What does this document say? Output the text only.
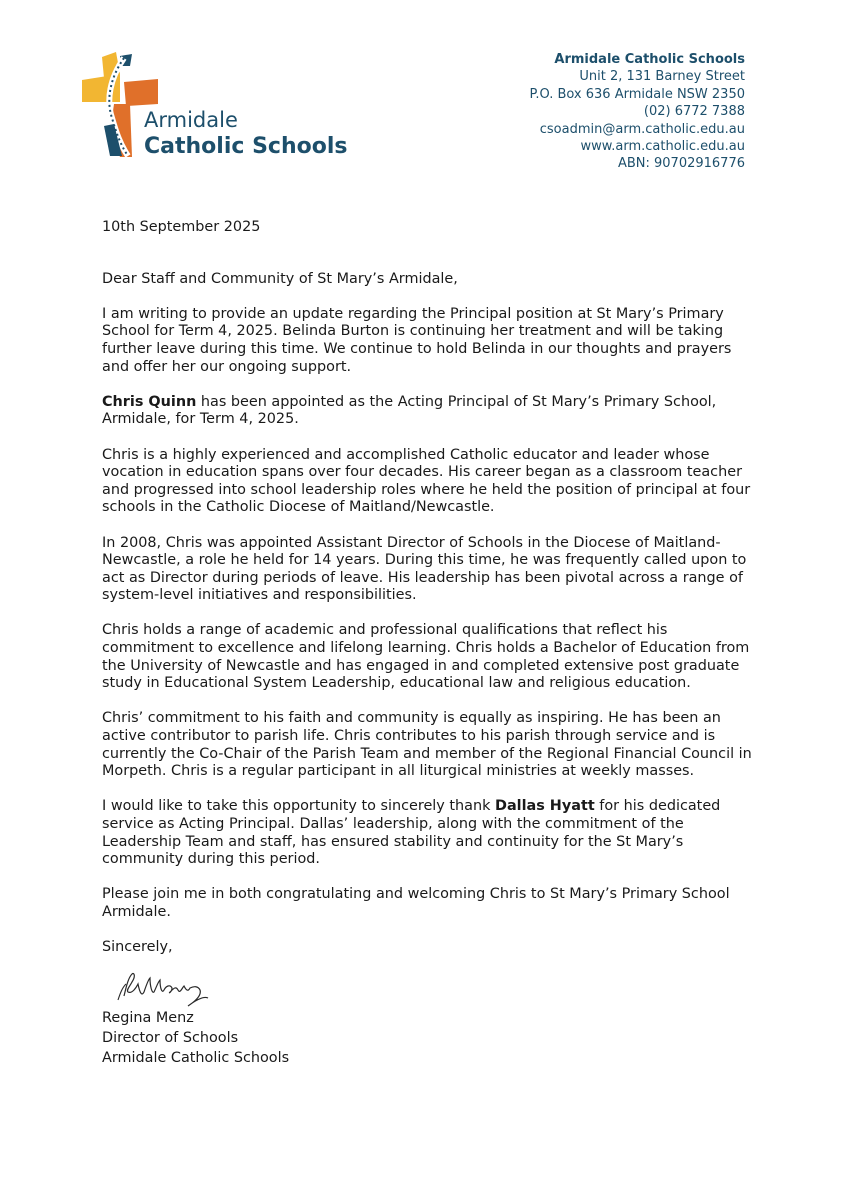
Armidale
Catholic Schools
Armidale Catholic Schools
Unit 2, 131 Barney Street
P.O. Box 636 Armidale NSW 2350
(02) 6772 7388
csoadmin@arm.catholic.edu.au
www.arm.catholic.edu.au
ABN: 90702916776

10th September 2025

Dear Staff and Community of St Mary’s Armidale,

I am writing to provide an update regarding the Principal position at St Mary’s Primary School for Term 4, 2025. Belinda Burton is continuing her treatment and will be taking further leave during this time. We continue to hold Belinda in our thoughts and prayers and offer her our ongoing support.

Chris Quinn has been appointed as the Acting Principal of St Mary’s Primary School, Armidale, for Term 4, 2025.

Chris is a highly experienced and accomplished Catholic educator and leader whose vocation in education spans over four decades. His career began as a classroom teacher and progressed into school leadership roles where he held the position of principal at four schools in the Catholic Diocese of Maitland/Newcastle.

In 2008, Chris was appointed Assistant Director of Schools in the Diocese of Maitland-Newcastle, a role he held for 14 years. During this time, he was frequently called upon to act as Director during periods of leave. His leadership has been pivotal across a range of system-level initiatives and responsibilities.

Chris holds a range of academic and professional qualifications that reflect his commitment to excellence and lifelong learning. Chris holds a Bachelor of Education from the University of Newcastle and has engaged in and completed extensive post graduate study in Educational System Leadership, educational law and religious education.

Chris’ commitment to his faith and community is equally as inspiring. He has been an active contributor to parish life. Chris contributes to his parish through service and is currently the Co-Chair of the Parish Team and member of the Regional Financial Council in Morpeth. Chris is a regular participant in all liturgical ministries at weekly masses.

I would like to take this opportunity to sincerely thank Dallas Hyatt for his dedicated service as Acting Principal. Dallas’ leadership, along with the commitment of the Leadership Team and staff, has ensured stability and continuity for the St Mary’s community during this period.

Please join me in both congratulating and welcoming Chris to St Mary’s Primary School Armidale.

Sincerely,

Regina Menz
Director of Schools
Armidale Catholic Schools
